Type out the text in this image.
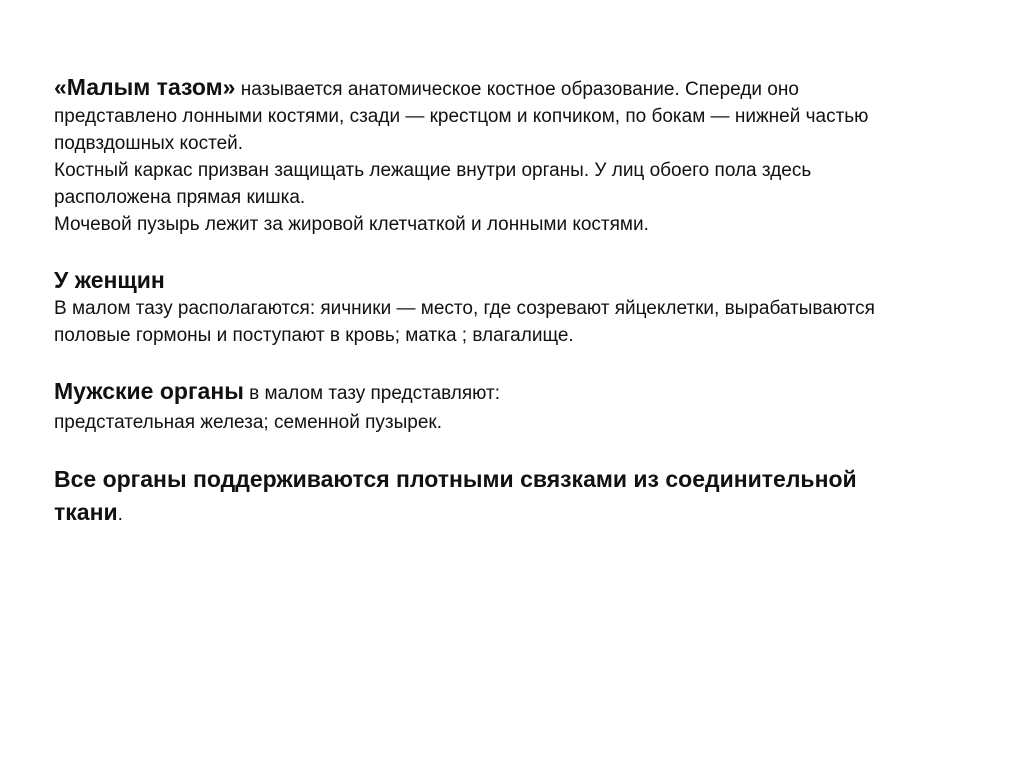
«Малым тазом» называется анатомическое костное образование. Спереди оно

представлено лонными костями, сзади — крестцом и копчиком, по бокам — нижней частью

подвздошных костей.

Костный каркас призван защищать лежащие внутри органы. У лиц обоего пола здесь

расположена прямая кишка.

Мочевой пузырь лежит за жировой клетчаткой и лонными костями.

У женщин

В малом тазу располагаются: яичники — место, где созревают яйцеклетки, вырабатываются

половые гормоны и поступают в кровь; матка ; влагалище.

Мужские органы в малом тазу представляют:

предстательная железа; семенной пузырек.

Все органы поддерживаются плотными связками из соединительной

ткани.
